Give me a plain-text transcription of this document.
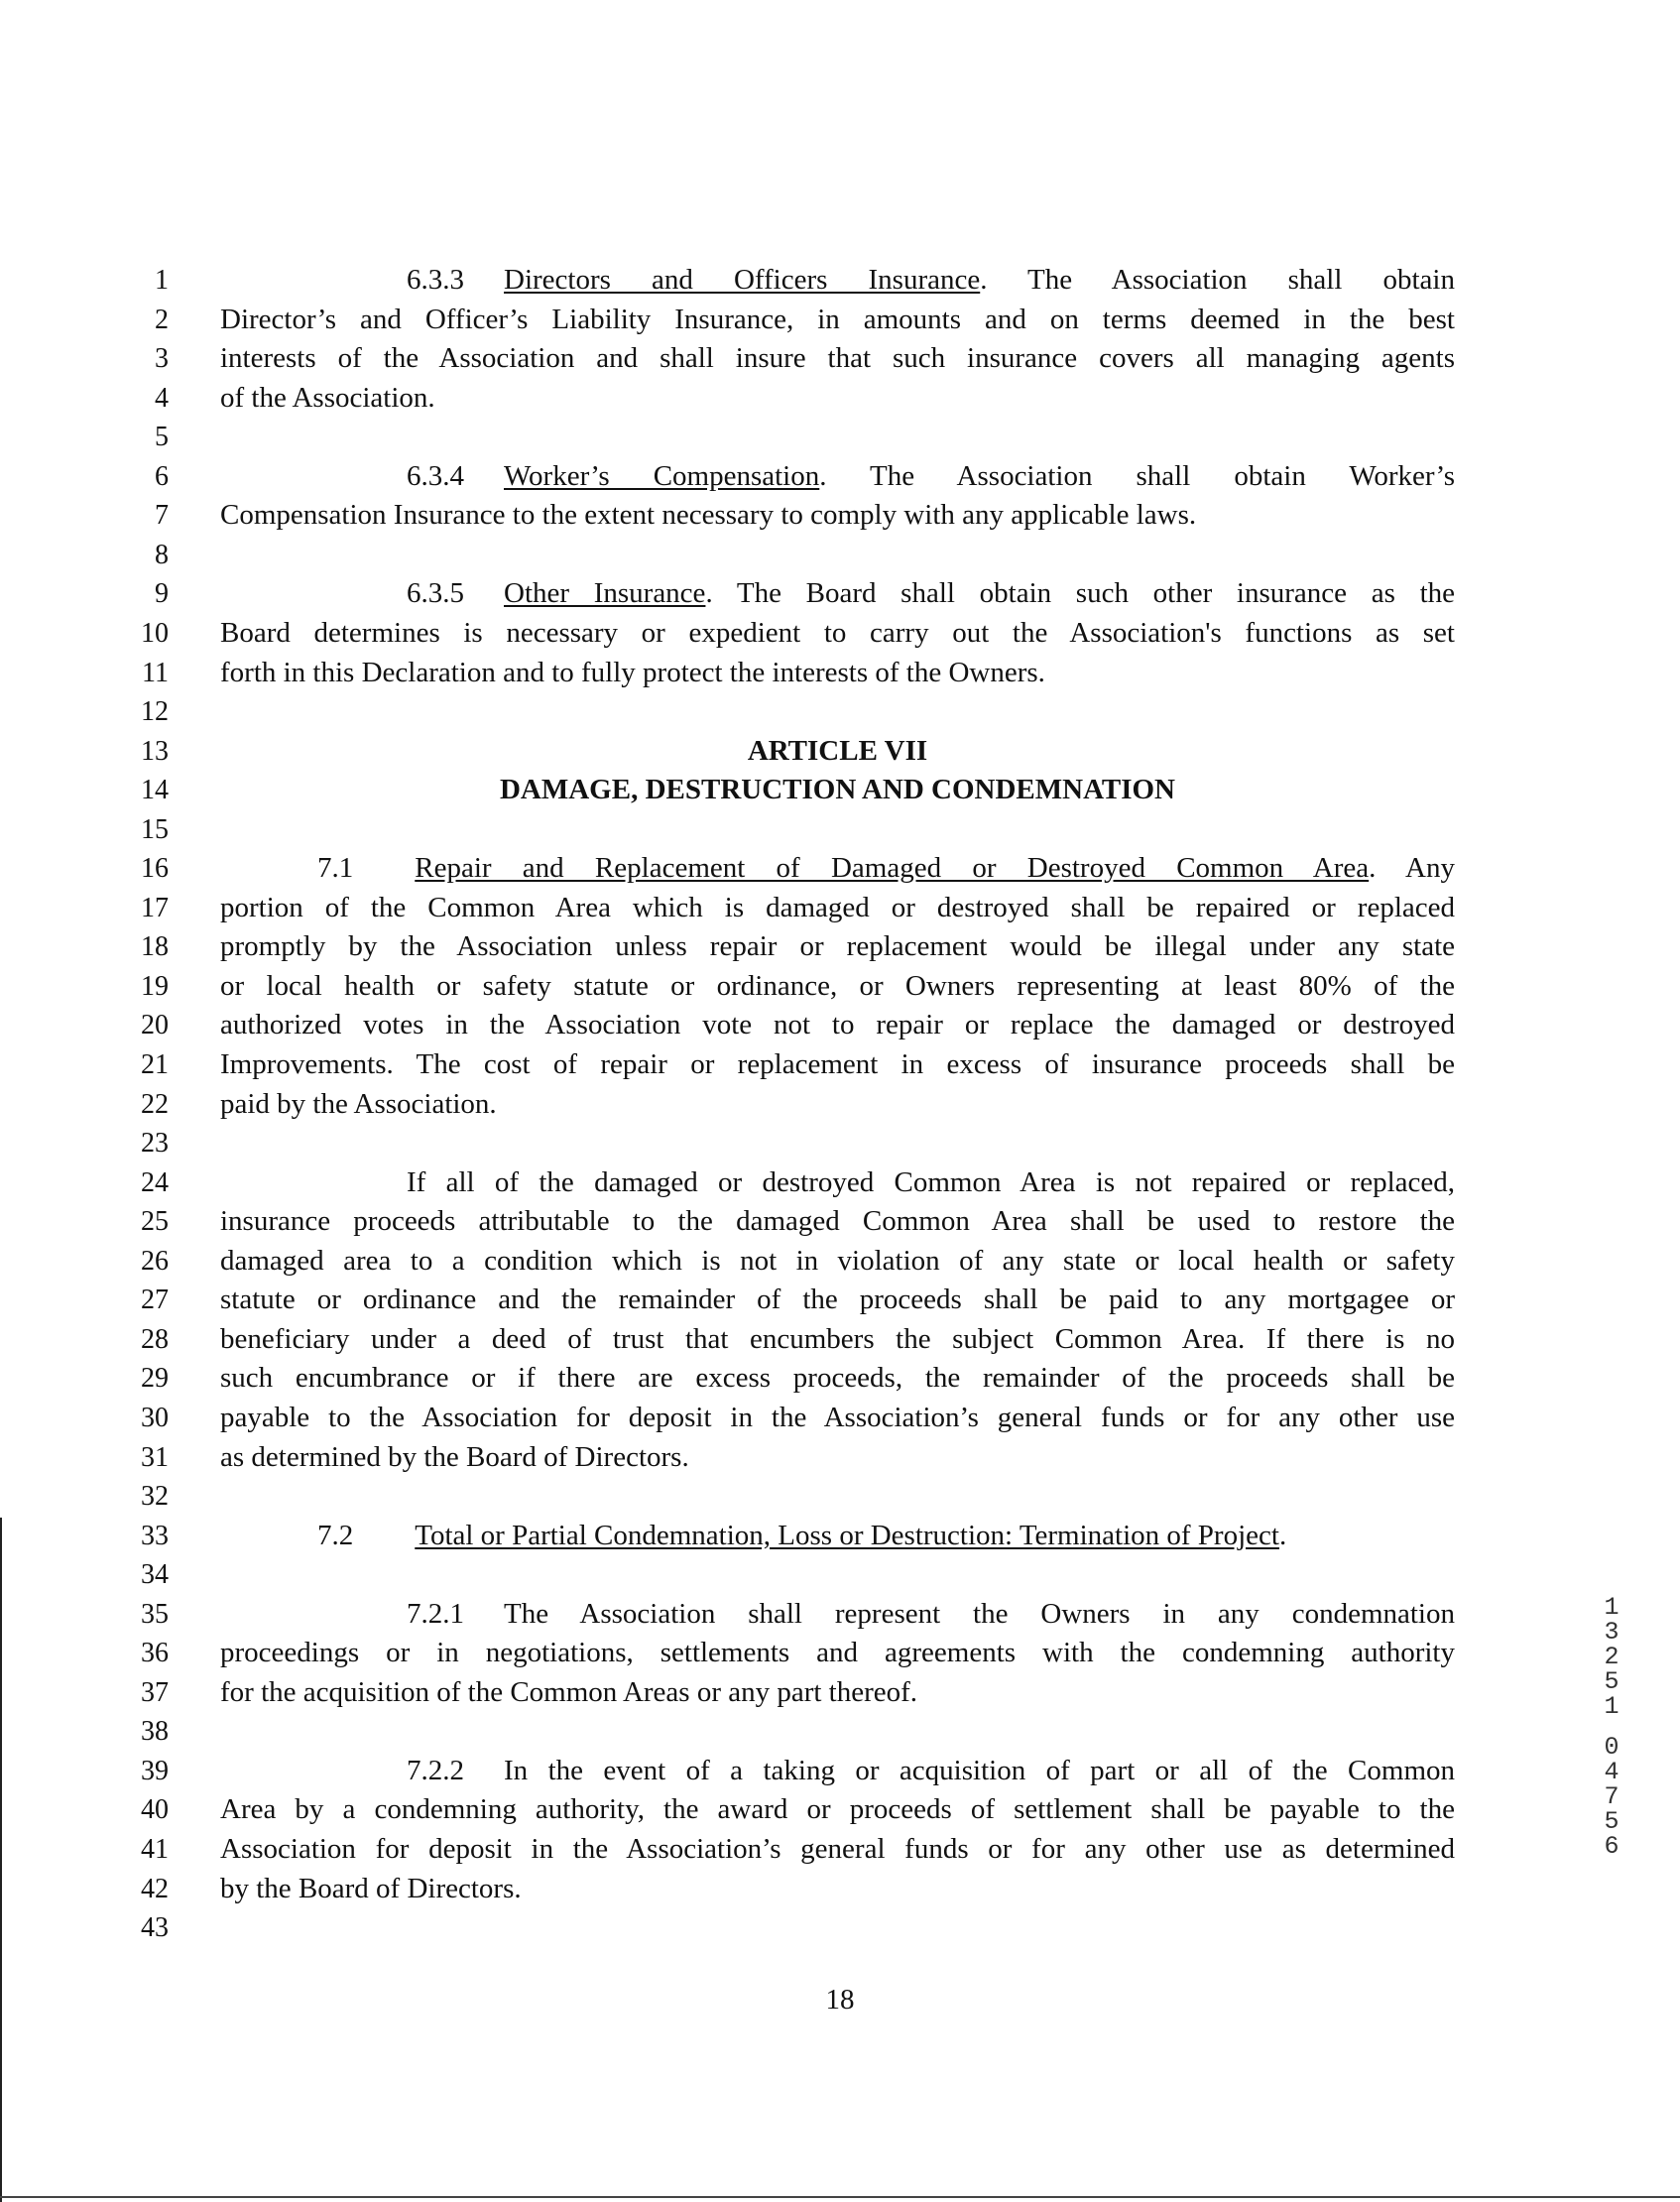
1	6.3.3 Directors and Officers Insurance. The Association shall obtain
2 Director’s and Officer’s Liability Insurance, in amounts and on terms deemed in the best
3 interests of the Association and shall insure that such insurance covers all managing agents
4 of the Association.
5
6	6.3.4 Worker’s Compensation. The Association shall obtain Worker’s
7 Compensation Insurance to the extent necessary to comply with any applicable laws.
8
9	6.3.5 Other Insurance. The Board shall obtain such other insurance as the
10 Board determines is necessary or expedient to carry out the Association's functions as set
11 forth in this Declaration and to fully protect the interests of the Owners.
12
13	ARTICLE VII
14	DAMAGE, DESTRUCTION AND CONDEMNATION
15
16	7.1 Repair and Replacement of Damaged or Destroyed Common Area. Any
17 portion of the Common Area which is damaged or destroyed shall be repaired or replaced
18 promptly by the Association unless repair or replacement would be illegal under any state
19 or local health or safety statute or ordinance, or Owners representing at least 80% of the
20 authorized votes in the Association vote not to repair or replace the damaged or destroyed
21 Improvements. The cost of repair or replacement in excess of insurance proceeds shall be
22 paid by the Association.
23
24	If all of the damaged or destroyed Common Area is not repaired or replaced,
25 insurance proceeds attributable to the damaged Common Area shall be used to restore the
26 damaged area to a condition which is not in violation of any state or local health or safety
27 statute or ordinance and the remainder of the proceeds shall be paid to any mortgagee or
28 beneficiary under a deed of trust that encumbers the subject Common Area. If there is no
29 such encumbrance or if there are excess proceeds, the remainder of the proceeds shall be
30 payable to the Association for deposit in the Association’s general funds or for any other use
31 as determined by the Board of Directors.
32
33	7.2 Total or Partial Condemnation, Loss or Destruction: Termination of Project.
34
35	7.2.1 The Association shall represent the Owners in any condemnation
36 proceedings or in negotiations, settlements and agreements with the condemning authority
37 for the acquisition of the Common Areas or any part thereof.
38
39	7.2.2 In the event of a taking or acquisition of part or all of the Common
40 Area by a condemning authority, the award or proceeds of settlement shall be payable to the
41 Association for deposit in the Association’s general funds or for any other use as determined
42 by the Board of Directors.
43
18
1
3
2
5
1
0
4
7
5
6
